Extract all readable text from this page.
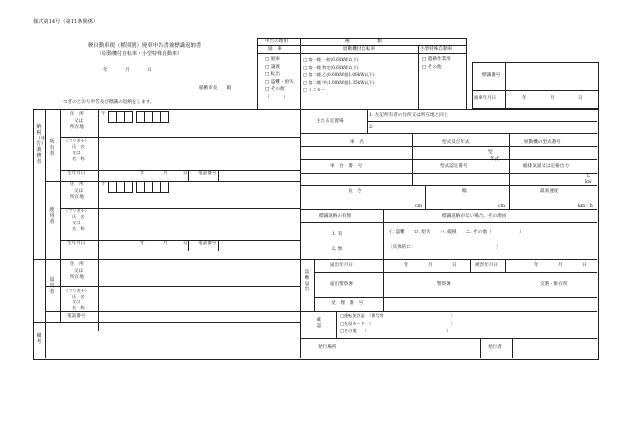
様式第14号（第11条関係）
軽自動車税（種別割）廃車申告書兼標識返納書
（原動機付自転車・小型特殊自動車）
年	月	日
稲敷市長　　殿
つぎのとおり申告及び標識の返納をします。
申告の理由	種　　　　　　類
廃　車	原動機付自転車	小型特殊自動車
□ 廃車
□ 譲渡
□ 転出
□ 盗難・紛失
□ その他
（　　　）
□ 第一種 一般(0.60kW以下)
□ 第一種 特定(0.60kW以下)
□ 第二種 乙(0.60kW超1.00kW以下)
□ 第二種 甲(1.00kW超1.35kW以下)
□ ミニカー
□ 農耕作業用
□ その他
標識番号
廃車年月日	年	月	日
納税（申告）義務者
所有者
使用者
住　所
又は
所在地
〒
（フリガナ）
氏　名
又は
名　称
生年月日	年	月	日 電話番号
住　所
又は
所在地
〒
（フリガナ）
氏　名
又は
名　称
生年月日	年	月	日 電話番号
届出者
住　所
又は
所在地
（フリガナ）
氏　名
又は
名　称
電話番号
備考
主たる定置場
1. 左記所有者の住所又は所在地と同じ
2.
車　名	型式及び年式	原動機の型式番号
型
年式
車　台　番　号	型式認定番号	総排気量又は定格出力
L
kw
長　さ	幅	最高速度
cm	cm	km／h
標識返納の有無	標識返納がない場合、その理由
1. 有
2. 無
イ. 盗難　　ロ. 紛失　　ハ. 破損　　ニ. その他（　　　　　　）
〔具体的に：　　　　　　　　　　　　　　　　　　〕
盗難届出
届出年月日	年	月	日	被害年月日	年	月	日
届出警察署	警察署	交番・駐在所
受　理　番　号
確認
□運転免許証　（番号等　　　　　　　　　　　　　　　　）
□在留カード　（　　　　　　　　　　　　　　　　　　　）
□その他　　（　　　　　　　　　　　　　　　　　　　）
発行場所	発行者
